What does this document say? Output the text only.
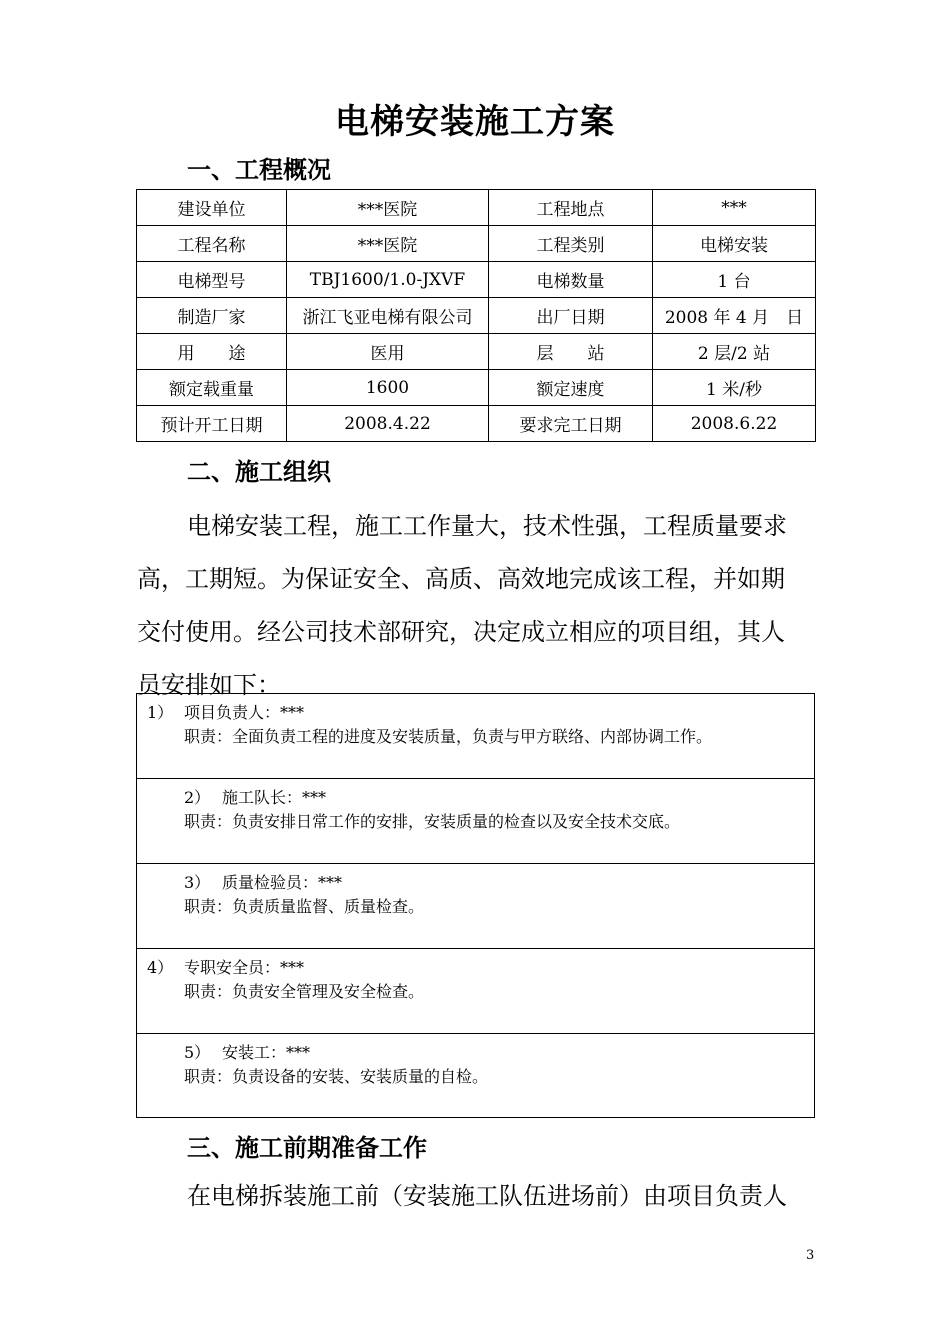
电梯安装施工方案
一、工程概况
建设单位	***医院	工程地点	***
工程名称	***医院	工程类别	电梯安装
电梯型号	TBJ1600/1.0-JXVF	电梯数量	1 台
制造厂家	浙江飞亚电梯有限公司	出厂日期	2008 年 4 月　日
用　　途	医用	层　　站	2 层/2 站
额定载重量	1600	额定速度	1 米/秒
预计开工日期	2008.4.22	要求完工日期	2008.6.22
二、施工组织
电梯安装工程，施工工作量大，技术性强，工程质量要求
高，工期短。为保证安全、高质、高效地完成该工程，并如期
交付使用。经公司技术部研究，决定成立相应的项目组，其人
员安排如下：
1） 项目负责人：***
职责：全面负责工程的进度及安装质量，负责与甲方联络、内部协调工作。
2） 施工队长：***
职责：负责安排日常工作的安排，安装质量的检查以及安全技术交底。
3） 质量检验员：***
职责：负责质量监督、质量检查。
4） 专职安全员：***
职责：负责安全管理及安全检查。
5） 安装工：***
职责：负责设备的安装、安装质量的自检。
三、施工前期准备工作
在电梯拆装施工前（安装施工队伍进场前）由项目负责人
3
